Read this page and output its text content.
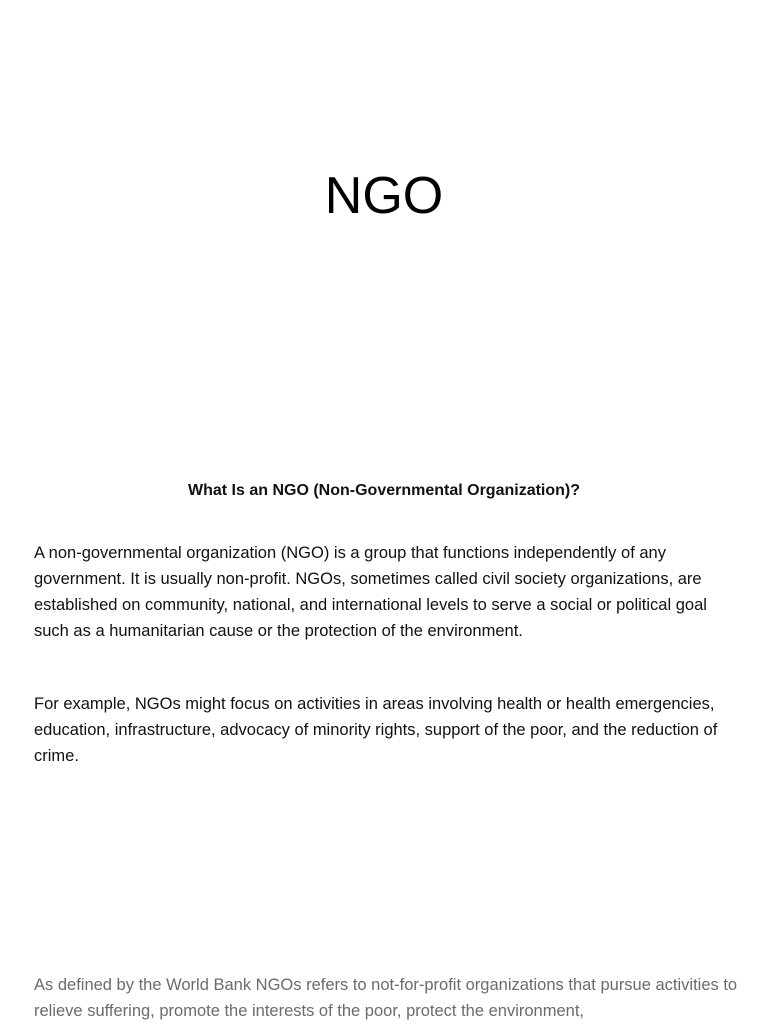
NGO
What Is an NGO (Non-Governmental Organization)?

A non-governmental organization (NGO) is a group that functions independently of any government. It is usually non-profit. NGOs, sometimes called civil society organizations, are established on community, national, and international levels to serve a social or political goal such as a humanitarian cause or the protection of the environment.

For example, NGOs might focus on activities in areas involving health or health emergencies, education, infrastructure, advocacy of minority rights, support of the poor, and the reduction of crime.

As defined by the World Bank NGOs refers to not-for-profit organizations that pursue activities to relieve suffering, promote the interests of the poor, protect the environment,
